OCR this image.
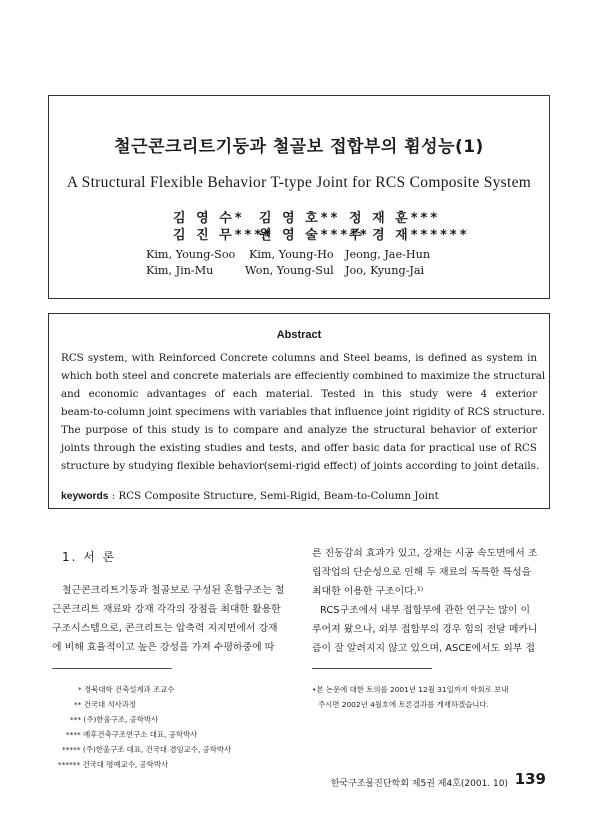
철근콘크리트기둥과 철골보 접합부의 휨성능(1)
A Structural Flexible Behavior T-type Joint for RCS Composite System
김 영 수* 김 영 호** 정 재 훈***
김 진 무****
원 영 술*****
주 경 재******
Kim, Young-Soo Kim, Young-Ho Jeong, Jae-Hun
Kim, Jin-Mu	Won, Young-Sul Joo, Kyung-Jai
Abstract
RCS system, with Reinforced Concrete columns and Steel beams, is defined as system in
which both steel and concrete materials are effeciently combined to maximize the structural
and economic advantages of each material. Tested in this study were 4 exterior
beam-to-column joint specimens with variables that influence joint rigidity of RCS structure.
The purpose of this study is to compare and analyze the structural behavior of exterior
joints through the existing studies and tests, and offer basic data for practical use of RCS
structure by studying flexible behavior(semi-rigid effect) of joints according to joint details.
keywords : RCS Composite Structure, Semi-Rigid, Beam-to-Column Joint
1. 서 론
철근콘크리트기둥과 철골보로 구성된 혼합구조는 철
근콘크리트 재료와 강재 각각의 장점을 최대한 활용한
구조시스템으로, 콘크리트는 압축력 지지면에서 강재
에 비해 효율적이고 높은 강성을 가져 수평하중에 따
른 진동감쇠 효과가 있고, 강재는 시공 속도면에서 조
립작업의 단순성으로 인해 두 재료의 독특한 특성을
최대한 이용한 구조이다.¹⁾
RCS구조에서 내부 접합부에 관한 연구는 많이 이
루어져 왔으나, 외부 접합부의 경우 힘의 전달 메카니
즘이 잘 알려지지 않고 있으며, ASCE에서도 외부 접
* 경북대학 건축설계과 조교수
** 건국대 석사과정
*** (주)한울구조, 공학박사
**** 예후건축구조연구소 대표, 공학박사
***** (주)한울구조 대표, 건국대 겸임교수, 공학박사
****** 건국대 명예교수, 공학박사
•본 논문에 대한 토의를 2001년 12월 31일까지 학회로 보내
주시면 2002년 4월호에 토론결과를 게재하겠습니다.
한국구조물진단학회 제5권 제4호(2001. 10) 139
